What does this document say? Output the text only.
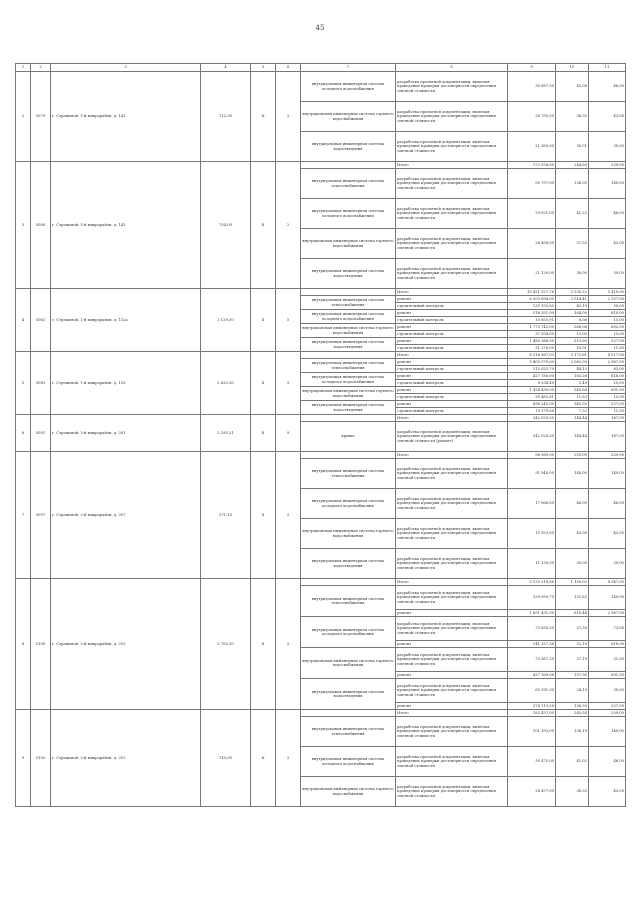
45
1	2	3	4	5	6	7	8	9	10	11
2	5079	г. Стрежевой, 1-й микрорайон, д. 142	712,30	К	2	внутридомовая инженерная система холодного водоснабжения	разработка проектной документации, включая проведение проверки достоверности определения сметной стоимости	30 687,50	43,08	46,00
						внутридомовая инженерная система горячего водоснабжения	разработка проектной документации, включая проведение проверки достоверности определения сметной стоимости	26 795,50	36,92	43,00
						внутридомовая инженерная система водоотведения	разработка проектной документации, включая проведение проверки достоверности определения сметной стоимости	21 369,00	30,01	30,00
3	5080	г. Стрежевой, 1-й микрорайон, д. 143	704,00	К	2		Итого	172 556,00	244,80	259,00
						внутридомовая инженерная система теплоснабжения	разработка проектной документации, включая проведение проверки достоверности определения сметной стоимости	95 797,00	136,05	140,00
						внутридомовая инженерная система холодного водоснабжения	разработка проектной документации, включая проведение проверки достоверности определения сметной стоимости	29 021,00	41,22	46,00
						внутридомовая инженерная система горячего водоснабжения	разработка проектной документации, включая проведение проверки достоверности определения сметной стоимости	26 458,00	37,55	43,00
						внутридомовая инженерная система водоотведения	разработка проектной документации, включая проведение проверки достоверности определения сметной стоимости	21 120,00	30,00	30,00
4	5082	г. Стрежевой, 1-й микрорайон, д. 152а	3 129,50	II	5		Итого	10 421 927,76	3 330,22	3 410,00
						внутридомовая инженерная система теплоснабжения	ремонт	6 303 694,00	2 014,41	2 557,00
							строительный контроль	135 155,85	43,19	50,00
						внутридомовая инженерная система холодного водоснабжения	ремонт	516 351,00	164,00	610,00
							строительный контроль	10 855,91	8,06	15,00
						внутридомовая инженерная система горячего водоснабжения	ремонт	1 775 742,00	568,06	602,00
							строительный контроль	37 554,00	12,00	15,00
						внутридомовая инженерная система водоотведения	ремонт	1 480 366,00	515,60	527,00
							строительный контроль	31 276,00	10,01	11,00
5	5083	г. Стрежевой, 1-й микрорайон, д. 155	2 620,20	II	3		Итого	8 316 967,03	3 173,61	4 017,00
						внутридомовая инженерная система теплоснабжения	ремонт	5 405 070,00	2 062,09	2 967,00
							строительный контроль	115 625,70	44,13	63,00
						внутридомовая инженерная система холодного водоснабжения	ремонт	427 780,00	163,26	618,00
							строительный контроль	9 354,49	3,49	15,00
						внутридомовая инженерная система горячего водоснабжения	ремонт	1 424 430,00	543,64	601,00
							строительный контроль	30 482,81	11,63	15,00
						внутридомовая инженерная система водоотведения	ремонт	896 245,00	342,05	527,00
							строительный контроль	19 179,64	7,32	11,00
6	5091	г. Стрежевой, 2-й микрорайон, д. 201	2 295,21	К	9		Итого	342 020,20	144,44	167,00
						крыша	разработка проектной документации, включая проведение проверки достоверности определения сметной стоимости (ремонт)	342 020,20	144,44	167,00
7	5097	г. Стрежевой, 2-й микрорайон, д. 207	371,10	II	2		Итого	96 089,00	259,00	259,00
						внутридомовая инженерная система теплоснабжения	разработка проектной документации, включая проведение проверки достоверности определения сметной стоимости	51 940,00	140,00	140,00
						внутридомовая инженерная система холодного водоснабжения	разработка проектной документации, включая проведение проверки достоверности определения сметной стоимости	17 066,00	46,00	46,00
						внутридомовая инженерная система горячего водоснабжения	разработка проектной документации, включая проведение проверки достоверности определения сметной стоимости	15 953,00	43,00	43,00
						внутридомовая инженерная система водоотведения	разработка проектной документации, включая проведение проверки достоверности определения сметной стоимости	11 130,00	30,00	30,00
8	5100	г. Стрежевой, 2-й микрорайон, д. 210	2 705,30	II	5		Итого	3 135 518,86	1 159,05	4 947,00
						внутридомовая инженерная система теплоснабжения	разработка проектной документации, включая проведение проверки достоверности определения сметной стоимости	329 050,70	121,63	140,00
							ремонт	1 651 431,00	610,44	2 967,00
						внутридомовая инженерная система холодного водоснабжения	разработка проектной документации, включая проведение проверки достоверности определения сметной стоимости	73 838,50	27,30	73,00
							ремонт	141 157,34	52,18	618,00
						внутридомовая инженерная система горячего водоснабжения	разработка проектной документации, включая проведение проверки достоверности определения сметной стоимости	73 567,20	27,19	31,00
							ремонт	427 169,08	157,90	601,00
						внутридомовая инженерная система водоотведения	разработка проектной документации, включая проведение проверки достоверности определения сметной стоимости	65 191,30	24,10	30,00
							ремонт	374 113,58	138,30	527,00
9	5105	г. Стрежевой, 2-й микрорайон, д. 215	745,00	К	2		Итого	182 437,00	245,54	259,00
						внутридомовая инженерная система теплоснабжения	разработка проектной документации, включая проведение проверки достоверности определения сметной стоимости	101 393,00	136,19	140,00
						внутридомовая инженерная система холодного водоснабжения	разработка проектной документации, включая проведение проверки достоверности определения сметной стоимости	30 475,00	41,02	46,00
						внутридомовая инженерная система горячего водоснабжения	разработка проектной документации, включая проведение проверки достоверности определения сметной стоимости	28 477,00	38,35	43,00
